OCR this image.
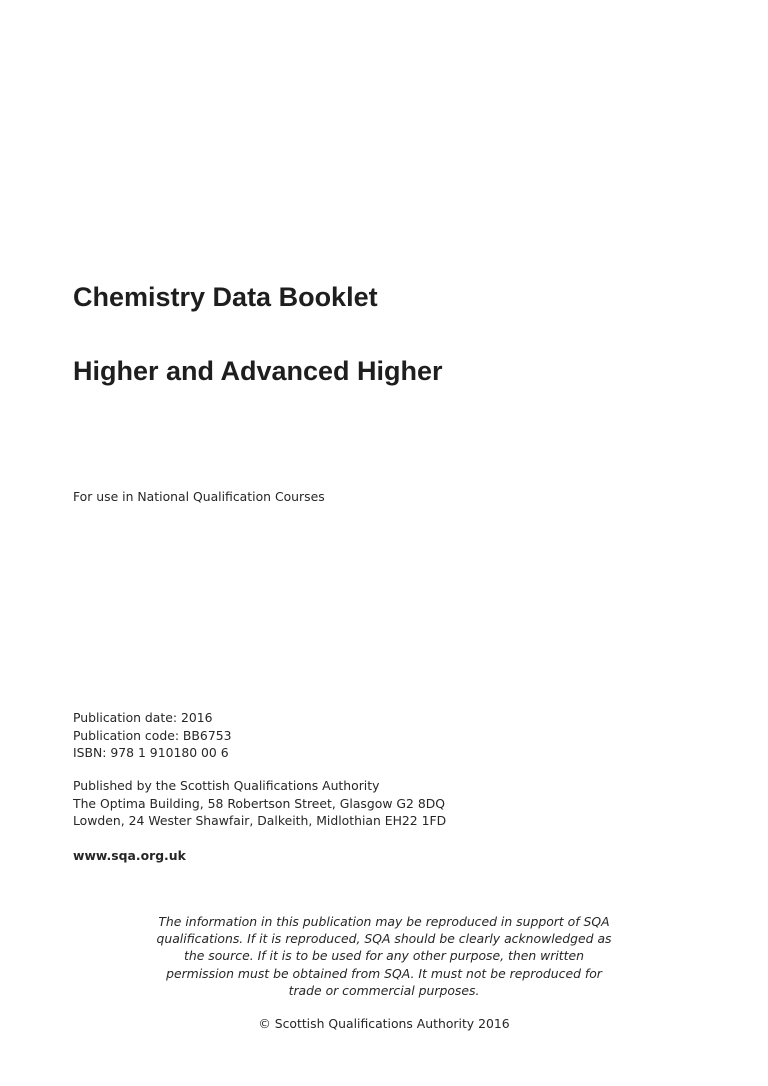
Chemistry Data Booklet
Higher and Advanced Higher
For use in National Qualification Courses

Publication date: 2016

Publication code: BB6753

ISBN: 978 1 910180 00 6

Published by the Scottish Qualifications Authority

The Optima Building, 58 Robertson Street, Glasgow G2 8DQ

Lowden, 24 Wester Shawfair, Dalkeith, Midlothian EH22 1FD

www.sqa.org.uk

The information in this publication may be reproduced in support of SQA

qualifications. If it is reproduced, SQA should be clearly acknowledged as

the source. If it is to be used for any other purpose, then written

permission must be obtained from SQA. It must not be reproduced for

trade or commercial purposes.

© Scottish Qualifications Authority 2016
